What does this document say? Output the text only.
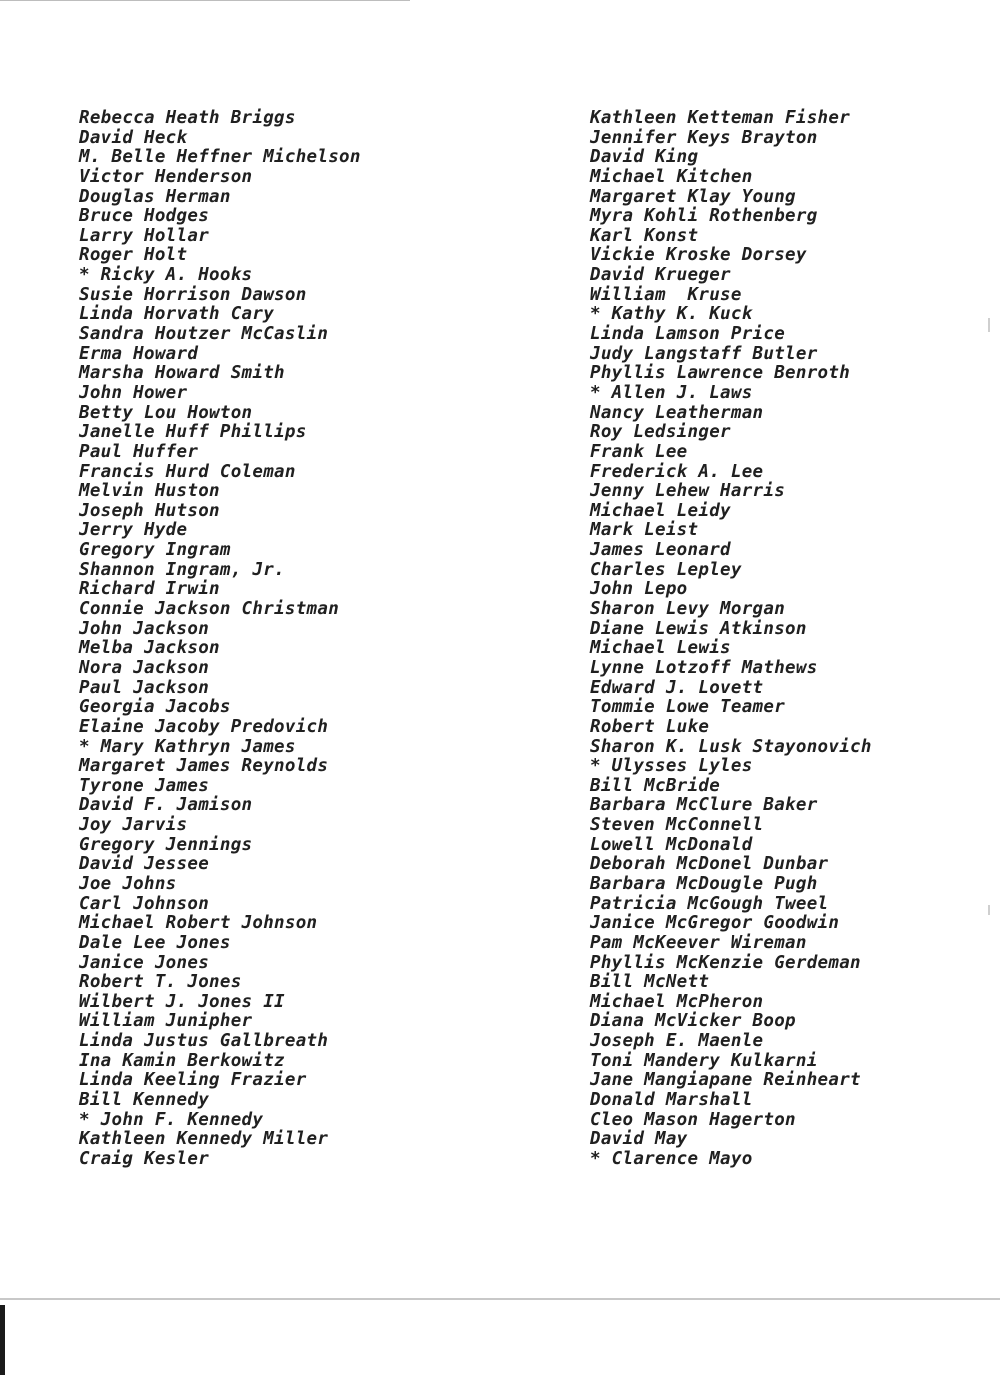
Rebecca Heath Briggs
David Heck
M. Belle Heffner Michelson
Victor Henderson
Douglas Herman
Bruce Hodges
Larry Hollar
Roger Holt
* Ricky A. Hooks
Susie Horrison Dawson
Linda Horvath Cary
Sandra Houtzer McCaslin
Erma Howard
Marsha Howard Smith
John Hower
Betty Lou Howton
Janelle Huff Phillips
Paul Huffer
Francis Hurd Coleman
Melvin Huston
Joseph Hutson
Jerry Hyde
Gregory Ingram
Shannon Ingram, Jr.
Richard Irwin
Connie Jackson Christman
John Jackson
Melba Jackson
Nora Jackson
Paul Jackson
Georgia Jacobs
Elaine Jacoby Predovich
* Mary Kathryn James
Margaret James Reynolds
Tyrone James
David F. Jamison
Joy Jarvis
Gregory Jennings
David Jessee
Joe Johns
Carl Johnson
Michael Robert Johnson
Dale Lee Jones
Janice Jones
Robert T. Jones
Wilbert J. Jones II
William Junipher
Linda Justus Gallbreath
Ina Kamin Berkowitz
Linda Keeling Frazier
Bill Kennedy
* John F. Kennedy
Kathleen Kennedy Miller
Craig Kesler
Kathleen Ketteman Fisher
Jennifer Keys Brayton
David King
Michael Kitchen
Margaret Klay Young
Myra Kohli Rothenberg
Karl Konst
Vickie Kroske Dorsey
David Krueger
William  Kruse
* Kathy K. Kuck
Linda Lamson Price
Judy Langstaff Butler
Phyllis Lawrence Benroth
* Allen J. Laws
Nancy Leatherman
Roy Ledsinger
Frank Lee
Frederick A. Lee
Jenny Lehew Harris
Michael Leidy
Mark Leist
James Leonard
Charles Lepley
John Lepo
Sharon Levy Morgan
Diane Lewis Atkinson
Michael Lewis
Lynne Lotzoff Mathews
Edward J. Lovett
Tommie Lowe Teamer
Robert Luke
Sharon K. Lusk Stayonovich
* Ulysses Lyles
Bill McBride
Barbara McClure Baker
Steven McConnell
Lowell McDonald
Deborah McDonel Dunbar
Barbara McDougle Pugh
Patricia McGough Tweel
Janice McGregor Goodwin
Pam McKeever Wireman
Phyllis McKenzie Gerdeman
Bill McNett
Michael McPheron
Diana McVicker Boop
Joseph E. Maenle
Toni Mandery Kulkarni
Jane Mangiapane Reinheart
Donald Marshall
Cleo Mason Hagerton
David May
* Clarence Mayo
